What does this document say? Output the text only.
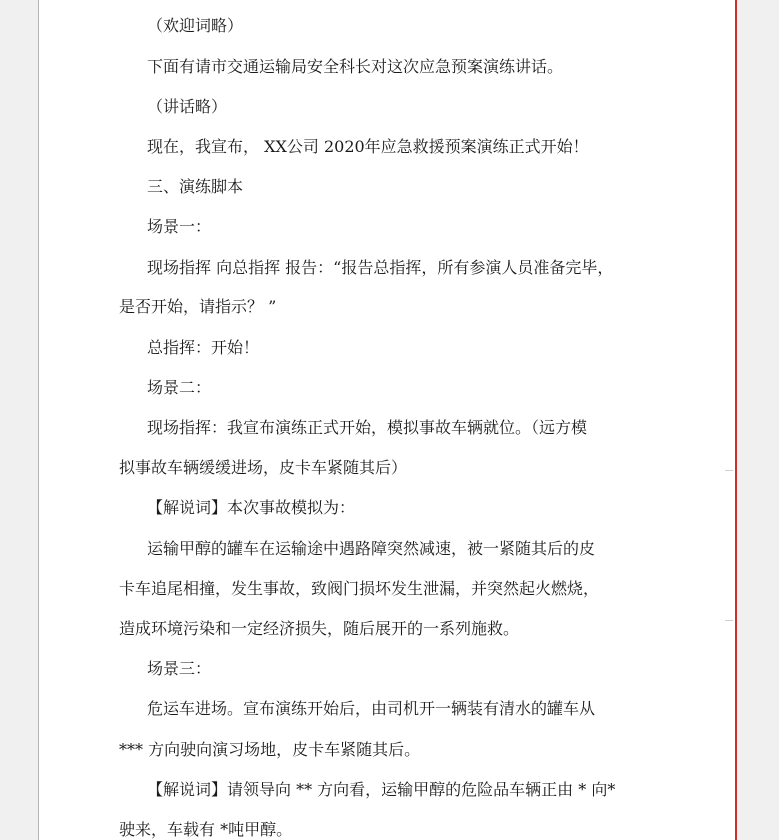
（欢迎词略）
下面有请市交通运输局安全科长对这次应急预案演练讲话。
（讲话略）
现在，我宣布， XX公司 2020年应急救援预案演练正式开始！
三、演练脚本
场景一：
现场指挥 向总指挥 报告：“报告总指挥，所有参演人员准备完毕，
是否开始，请指示？ ”
总指挥：开始！
场景二：
现场指挥：我宣布演练正式开始，模拟事故车辆就位。（远方模
拟事故车辆缓缓进场，皮卡车紧随其后）
【解说词】本次事故模拟为：
运输甲醇的罐车在运输途中遇路障突然减速，被一紧随其后的皮
卡车追尾相撞，发生事故，致阀门损坏发生泄漏，并突然起火燃烧，
造成环境污染和一定经济损失，随后展开的一系列施救。
场景三：
危运车进场。宣布演练开始后，由司机开一辆装有清水的罐车从
*** 方向驶向演习场地，皮卡车紧随其后。
【解说词】请领导向 ** 方向看，运输甲醇的危险品车辆正由 * 向*
驶来，车载有 *吨甲醇。
